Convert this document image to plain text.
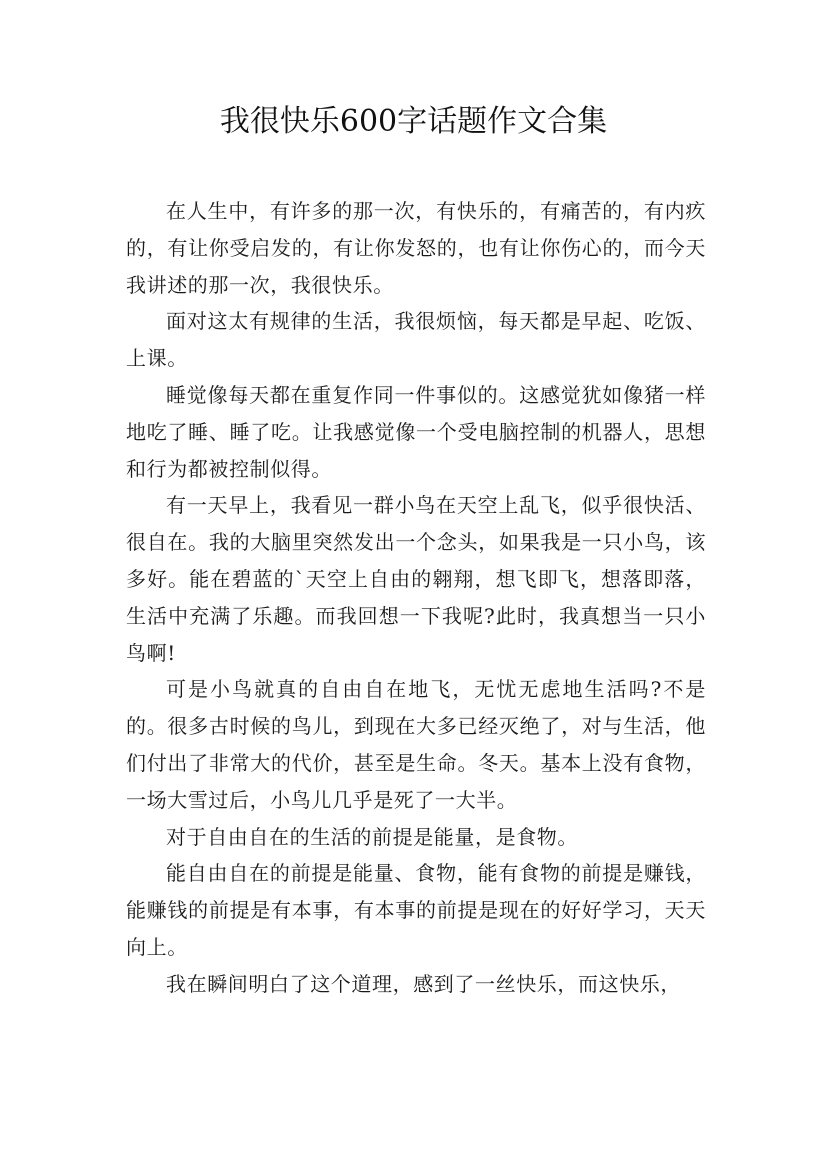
我很快乐600字话题作文合集

在人生中，有许多的那一次，有快乐的，有痛苦的，有内疚的，有让你受启发的，有让你发怒的，也有让你伤心的，而今天我讲述的那一次，我很快乐。

面对这太有规律的生活，我很烦恼，每天都是早起、吃饭、上课。

睡觉像每天都在重复作同一件事似的。这感觉犹如像猪一样地吃了睡、睡了吃。让我感觉像一个受电脑控制的机器人，思想和行为都被控制似得。

有一天早上，我看见一群小鸟在天空上乱飞，似乎很快活、很自在。我的大脑里突然发出一个念头，如果我是一只小鸟，该多好。能在碧蓝的`天空上自由的翱翔，想飞即飞，想落即落，生活中充满了乐趣。而我回想一下我呢?此时，我真想当一只小鸟啊!

可是小鸟就真的自由自在地飞，无忧无虑地生活吗?不是的。很多古时候的鸟儿，到现在大多已经灭绝了，对与生活，他们付出了非常大的代价，甚至是生命。冬天。基本上没有食物，一场大雪过后，小鸟儿几乎是死了一大半。

对于自由自在的生活的前提是能量，是食物。

能自由自在的前提是能量、食物，能有食物的前提是赚钱，能赚钱的前提是有本事，有本事的前提是现在的好好学习，天天向上。

我在瞬间明白了这个道理，感到了一丝快乐，而这快乐，
